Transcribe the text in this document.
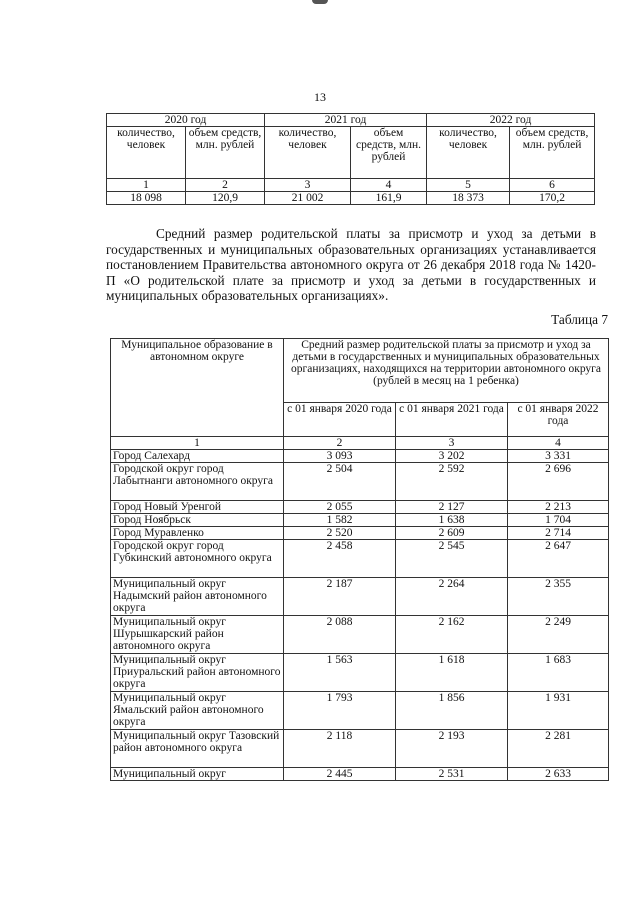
13
2020 год		2021 год		2022 год	
количество, человек	объем средств, млн. рублей	количество, человек	объем средств, млн. рублей	количество, человек	объем средств, млн. рублей
1	2	3	4	5	6
18 098	120,9	21 002	161,9	18 373	170,2

Средний размер родительской платы за присмотр и уход за детьми в государственных и муниципальных образовательных организациях устанавливается постановлением Правительства автономного округа от 26 декабря 2018 года № 1420-П «О родительской плате за присмотр и уход за детьми в государственных и муниципальных образовательных организациях».

Таблица 7
Муниципальное образование в автономном округе	Средний размер родительской платы за присмотр и уход за детьми в государственных и муниципальных образовательных организациях, находящихся на территории автономного округа
(рублей в месяц на 1 ребенка)		
	с 01 января 2020 года	с 01 января 2021 года	с 01 января 2022 года
1	2	3	4
Город Салехард	3 093	3 202	3 331
Городской округ город Лабытнанги автономного округа	2 504	2 592	2 696
Город Новый Уренгой	2 055	2 127	2 213
Город Ноябрьск	1 582	1 638	1 704
Город Муравленко	2 520	2 609	2 714
Городской округ город Губкинский автономного округа	2 458	2 545	2 647
Муниципальный округ Надымский район автономного округа	2 187	2 264	2 355
Муниципальный округ Шурышкарский район автономного округа	2 088	2 162	2 249
Муниципальный округ Приуральский район автономного округа	1 563	1 618	1 683
Муниципальный округ Ямальский район автономного округа	1 793	1 856	1 931
Муниципальный округ Тазовский район автономного округа	2 118	2 193	2 281
Муниципальный округ	2 445	2 531	2 633
